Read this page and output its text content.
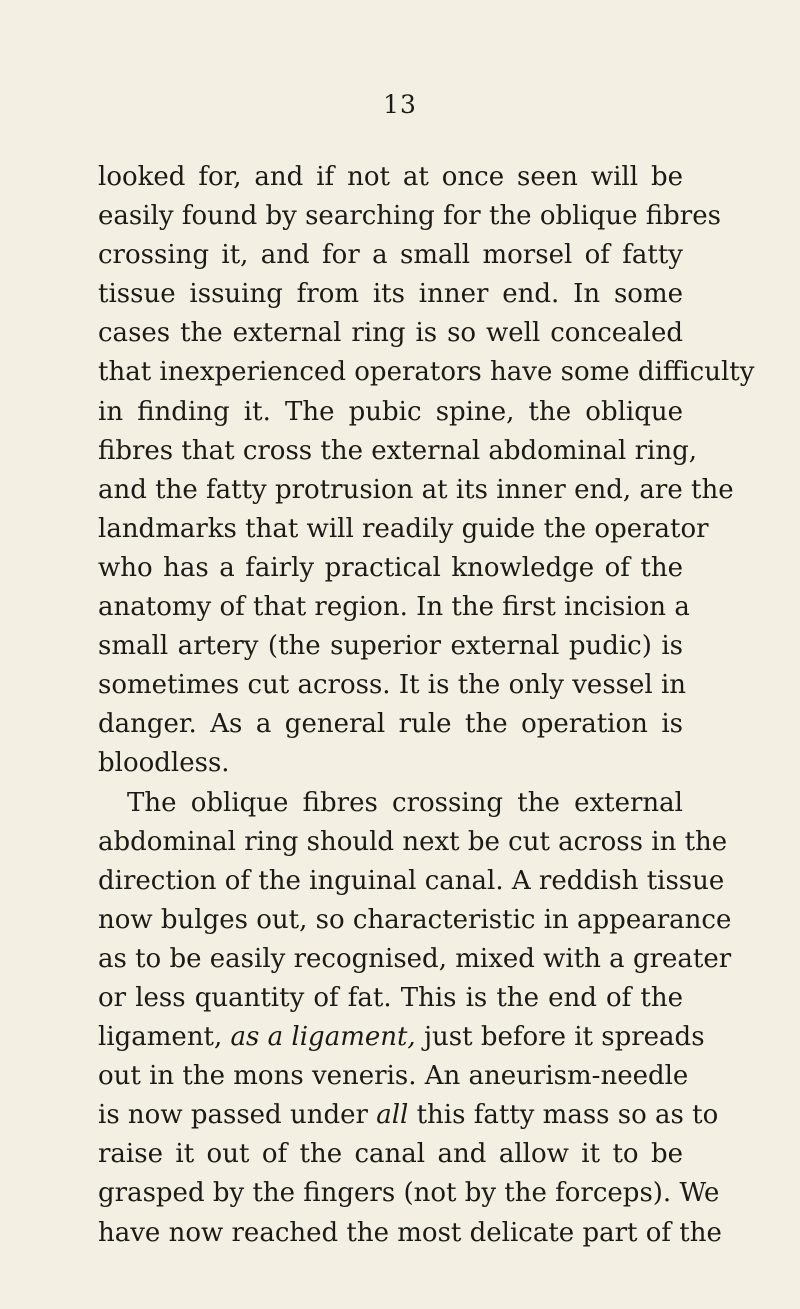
13
looked for, and if not at once seen will be
easily found by searching for the oblique fibres
crossing it, and for a small morsel of fatty
tissue issuing from its inner end. In some
cases the external ring is so well concealed
that inexperienced operators have some difficulty
in finding it. The pubic spine, the oblique
fibres that cross the external abdominal ring,
and the fatty protrusion at its inner end, are the
landmarks that will readily guide the operator
who has a fairly practical knowledge of the
anatomy of that region. In the first incision a
small artery (the superior external pudic) is
sometimes cut across. It is the only vessel in
danger. As a general rule the operation is
bloodless.
The oblique fibres crossing the external
abdominal ring should next be cut across in the
direction of the inguinal canal. A reddish tissue
now bulges out, so characteristic in appearance
as to be easily recognised, mixed with a greater
or less quantity of fat. This is the end of the
ligament, as a ligament, just before it spreads
out in the mons veneris. An aneurism-needle
is now passed under all this fatty mass so as to
raise it out of the canal and allow it to be
grasped by the fingers (not by the forceps). We
have now reached the most delicate part of the
